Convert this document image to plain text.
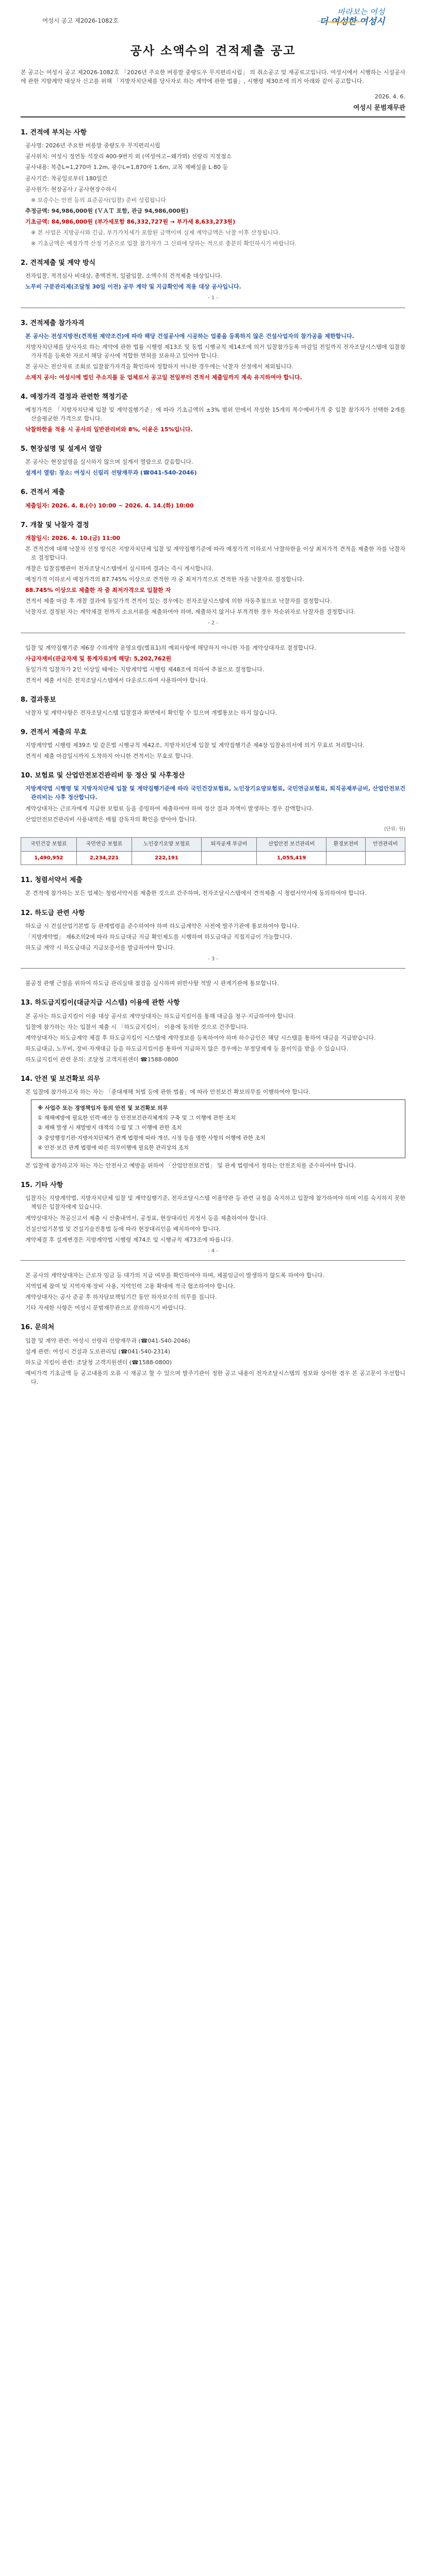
여성시 공고 제2026-1082호
바라보는 여성
더 여성한 여성시
공사 소액수의 견적제출 공고
본 공고는 여성시 공고 제2026-1082호 「2026년 주요한 버릉말 중량도우 무지편리시립」 의 취소공고 및 재공료고입니다. 여성시에서 시행하는 시설공사에 관한 지방계약 대상자 신고를 위해 「지방자치단체를 당사자로 하는 계약에 관한 법률」, 시행령 제30조에 의거 아래와 같이 공고합니다.
2026. 4. 6.
여성시 문범재무관
1. 견적에 부치는 사항
공사명: 2026년 주요한 버릉말 중량도우 무지편리시립
공사위치: 여성시 정연동 석장리 400-9번지 외 (여성여고~왜가뫼) 선랑리 지정점소
공사내용: 복층L=1,270마 1.2m, 광수L=1,870마 1.6m, 교목 재배설율 L·80 등
공사기간: 착공일로부터 180일간
공사원가: 현장공사 / 공사현장수하시
※ 보증수는 안전 등의 표준공사(입찰) 준비 성립됩니다
추정금액: 94,986,000원 (ＶＡＴ 포함, 관급 94,986,000원)
기초금액: 84,986,000원 (부가세포함 86,332,727원 → 부가세 8,633,273원)
※ 본 사업은 지방공사와 긴급, 부가가치세가 포함된 금액이며 실제 계약금액은 낙찰 이후 산정됩니다.
※ 기초금액은 예정가격 산정 기준으로 입찰 참가자가 그 신뢰에 당하는 적으로 충분히 확인하시기 바랍니다.
2. 견적제출 및 계약 방식
전자입찰, 적격심사 비대상, 총액견적, 일괄입찰, 소액수의 견적제출 대상입니다.
노무비 구분관리제(조달청 30일 이전) 공무 계약 및 지급확인에 적용 대상 공사입니다.
- 1 -
3. 견적제출 참가자격
본 공사는 전성지방전(견적원 제약조건)에 따라 해당 건설공사에 시공하는 업종을 등록하지 않은 건설사업자의 참가공을 제한합니다.
지방자치단체를 당사자로 하는 계약에 관한 법률 시행령 제13조 및 동법 시행규칙 제14조에 의거 입찰참가등록 마감일 전일까지 전자조달시스템에 입찰참가자격을 등록한 자로서 해당 공사에 적합한 면허를 보유하고 있어야 합니다.
본 공사는 전산자료 조회로 입찰참가자격을 확인하며 정합하지 아니한 경우에는 낙찰자 선정에서 제외됩니다.
소재지 공사: 여성시에 법인 주소지를 둔 업체로서 공고일 전일부터 견적서 제출일까지 계속 유지하여야 합니다.
4. 예정가격 결정과 관련한 책정기준
예정가격은 「지방자치단체 입찰 및 계약집행기준」에 따라 기초금액의 ±3% 범위 안에서 작성한 15개의 복수예비가격 중 입찰 참가자가 선택한 2개를 산술평균한 가격으로 합니다.
낙찰하한율 적용 시 공사의 일반관리비와 8%, 이윤은 15%입니다.
5. 현장설명 및 설계서 열람
본 공사는 현장설명을 실시하지 않으며 설계서 열람으로 갈음합니다.
설계서 열람: 장소: 여성시 신림리 선랑재무과 (☎041-540-2046)
6. 견적서 제출
제출일자: 2026. 4. 8.(수) 10:00 ~ 2026. 4. 14.(화) 10:00
7. 개찰 및 낙찰자 결정
개찰일시: 2026. 4. 10.(금) 11:00
본 견적건에 대해 낙찰자 선정 방식은 지방자치단체 입찰 및 계약집행기준에 따라 예정가격 이하로서 낙찰하한율 이상 최저가격 견적을 제출한 자를 낙찰자로 결정합니다.
개찰은 입찰집행관이 전자조달시스템에서 실시하며 결과는 즉시 게시합니다.
예정가격 이하로서 예정가격의 87.745% 이상으로 견적한 자 중 최저가격으로 견적한 자를 낙찰자로 결정합니다.
88.745% 이상으로 제출한 자 중 최저가격으로 입찰한 자
견적서 제출 마감 후 개찰 결과에 동일가격 견적이 있는 경우에는 전자조달시스템에 의한 자동추첨으로 낙찰자를 결정합니다.
낙찰자로 결정된 자는 계약체결 전까지 소요서류를 제출하여야 하며, 제출하지 않거나 부적격한 경우 차순위자로 낙찰자를 결정합니다.
- 2 -
입찰 및 계약집행기준 제6장 수의계약 운영요령(별표1)의 예외사항에 해당하지 아니한 자를 계약상대자로 결정합니다.
사급자재비(관급자재 및 통계자료)에 해당: 5,202,762원
동일가격 입찰자가 2인 이상일 때에는 지방계약법 시행령 제48조에 의하여 추첨으로 결정합니다.
견적서 제출 서식은 전자조달시스템에서 다운로드하여 사용하여야 합니다.
8. 결과통보
낙찰자 및 계약사항은 전자조달시스템 입찰결과 화면에서 확인할 수 있으며 개별통보는 하지 않습니다.
9. 견적서 제출의 무효
지방계약법 시행령 제39조 및 같은법 시행규칙 제42조, 지방자치단체 입찰 및 계약집행기준 제4장 입찰유의서에 의거 무효로 처리합니다.
견적서 제출 마감일시까지 도착하지 아니한 견적서는 무효로 합니다.
10. 보험료 및 산업안전보건관리비 등 정산 및 사후정산
지방계약법 시행령 및 지방자치단체 입찰 및 계약집행기준에 따라 국민건강보험료, 노인장기요양보험료, 국민연금보험료, 퇴직공제부금비, 산업안전보건관리비는 사후 정산합니다.
계약상대자는 근로자에게 지급한 보험료 등을 증빙하여 제출하여야 하며 정산 결과 차액이 발생하는 경우 감액합니다.
산업안전보건관리비 사용내역은 매월 감독자의 확인을 받아야 합니다.
(단위: 원)
국민건강 보험료	국민연금 보험료	노인장기요양 보험료	퇴직공제 부금비	산업안전 보건관리비	환경보전비	안전관리비
1,490,952	2,234,221	222,191		1,055,419		
11. 청렴서약서 제출
본 견적에 참가하는 모든 업체는 청렴서약서를 제출한 것으로 간주하며, 전자조달시스템에서 견적제출 시 청렴서약서에 동의하여야 합니다.
12. 하도급 관련 사항
하도급 시 건설산업기본법 등 관계법령을 준수하여야 하며 하도급계약은 사전에 발주기관에 통보하여야 합니다.
「지방계약법」 제6조의2에 따라 하도급대금 지급 확인제도를 시행하며 하도급대금 직접지급이 가능합니다.
하도급 계약 시 하도급대금 지급보증서를 발급하여야 합니다.
- 3 -
불공정 관행 근절을 위하여 하도급 관리실태 점검을 실시하며 위반사항 적발 시 관계기관에 통보합니다.
13. 하도급지킴이(대금지급 시스템) 이용에 관한 사항
본 공사는 하도급지킴이 이용 대상 공사로 계약상대자는 하도급지킴이를 통해 대금을 청구·지급하여야 합니다.
입찰에 참가하는 자는 입찰서 제출 시 「하도급지킴이」 이용에 동의한 것으로 간주합니다.
계약상대자는 하도급계약 체결 후 하도급지킴이 시스템에 계약정보를 등록하여야 하며 하수급인은 해당 시스템을 통하여 대금을 지급받습니다.
하도급대금, 노무비, 장비·자재대금 등을 하도급지킴이를 통하여 지급하지 않은 경우에는 부정당제재 등 불이익을 받을 수 있습니다.
하도급지킴이 관련 문의: 조달청 고객지원센터 ☎1588-0800
14. 안전 및 보건확보 의무
본 입찰에 참가하고자 하는 자는 「중대재해 처벌 등에 관한 법률」에 따라 안전보건 확보의무를 이행하여야 합니다.
※ 사업주 또는 경영책임자 등의 안전 및 보건확보 의무
① 재해예방에 필요한 인력·예산 등 안전보건관리체계의 구축 및 그 이행에 관한 조치
② 재해 발생 시 재발방지 대책의 수립 및 그 이행에 관한 조치
③ 중앙행정기관·지방자치단체가 관계 법령에 따라 개선, 시정 등을 명한 사항의 이행에 관한 조치
④ 안전·보건 관계 법령에 따른 의무이행에 필요한 관리상의 조치
본 입찰에 참가하고자 하는 자는 안전사고 예방을 위하여 「산업안전보건법」 및 관계 법령에서 정하는 안전조치를 준수하여야 합니다.
15. 기타 사항
입찰자는 지방계약법, 지방자치단체 입찰 및 계약집행기준, 전자조달시스템 이용약관 등 관련 규정을 숙지하고 입찰에 참가하여야 하며 이를 숙지하지 못한 책임은 입찰자에게 있습니다.
계약상대자는 착공신고서 제출 시 산출내역서, 공정표, 현장대리인 지정서 등을 제출하여야 합니다.
건설산업기본법 및 건설기술진흥법 등에 따라 현장대리인을 배치하여야 합니다.
계약체결 후 설계변경은 지방계약법 시행령 제74조 및 시행규칙 제73조에 따릅니다.
- 4 -
본 공사의 계약상대자는 근로자 임금 등 대가의 지급 여부를 확인하여야 하며, 체불임금이 발생하지 않도록 하여야 합니다.
지역업체 참여 및 지역자재·장비 사용, 지역인력 고용 확대에 적극 협조하여야 합니다.
계약상대자는 공사 준공 후 하자담보책임기간 동안 하자보수의 의무를 집니다.
기타 자세한 사항은 여성시 문범재무관으로 문의하시기 바랍니다.
16. 문의처
입찰 및 계약 관련: 여성시 선랑리 선랑재무과 (☎041-540-2046)
설계 관련: 여성시 건설과 도로관리팀 (☎041-540-2314)
하도급 지킴이 관련: 조달청 고객지원센터 (☎1588-0800)
예비가격 기초금액 등 공고내용의 오류 시 재공고 할 수 있으며 발주기관이 정한 공고 내용이 전자조달시스템의 정보와 상이한 경우 본 공고문이 우선합니다.
